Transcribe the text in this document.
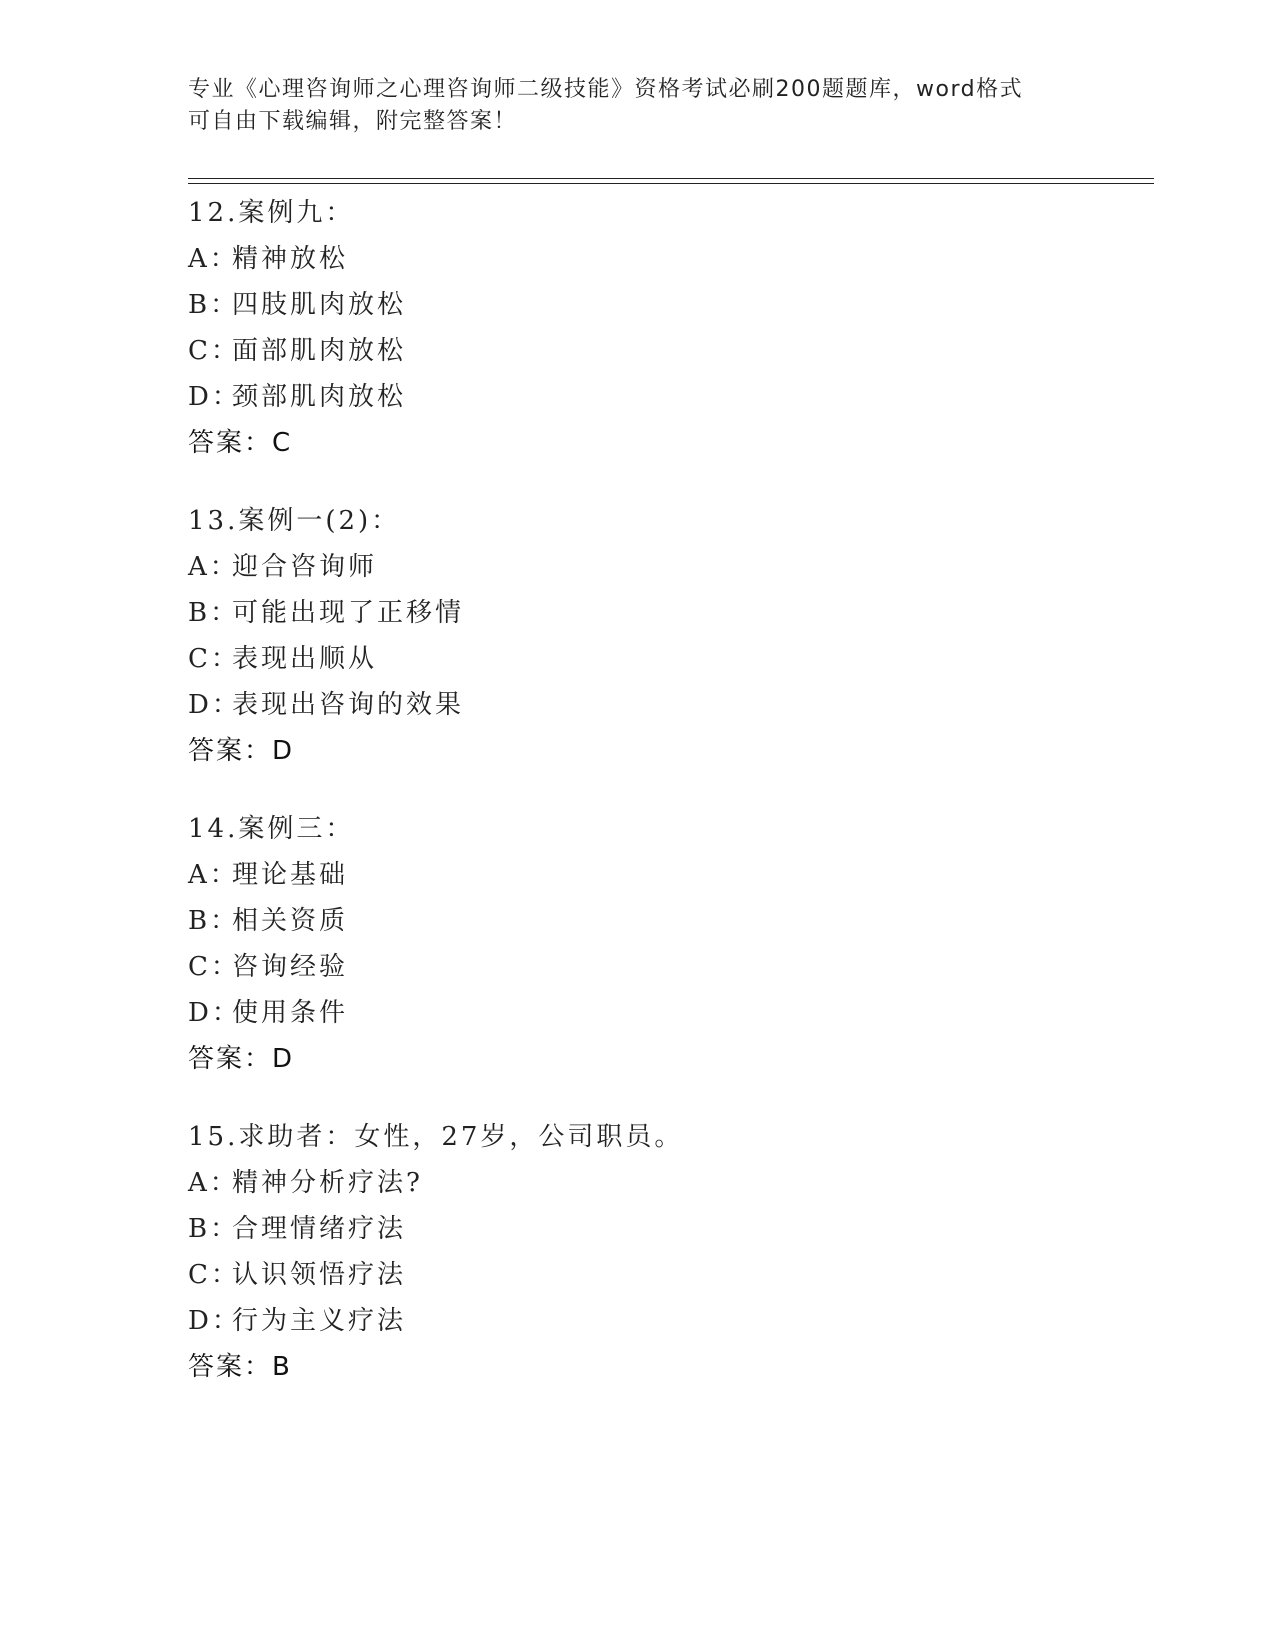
专业《心理咨询师之心理咨询师二级技能》资格考试必刷200题题库，word格式
可自由下载编辑，附完整答案！
12.案例九：
A：精神放松
B：四肢肌肉放松
C：面部肌肉放松
D：颈部肌肉放松
答案：C
13.案例一(2)：
A：迎合咨询师
B：可能出现了正移情
C：表现出顺从
D：表现出咨询的效果
答案：D
14.案例三：
A：理论基础
B：相关资质
C：咨询经验
D：使用条件
答案：D
15.求助者：女性，27岁，公司职员。
A：精神分析疗法?
B：合理情绪疗法
C：认识领悟疗法
D：行为主义疗法
答案：B
